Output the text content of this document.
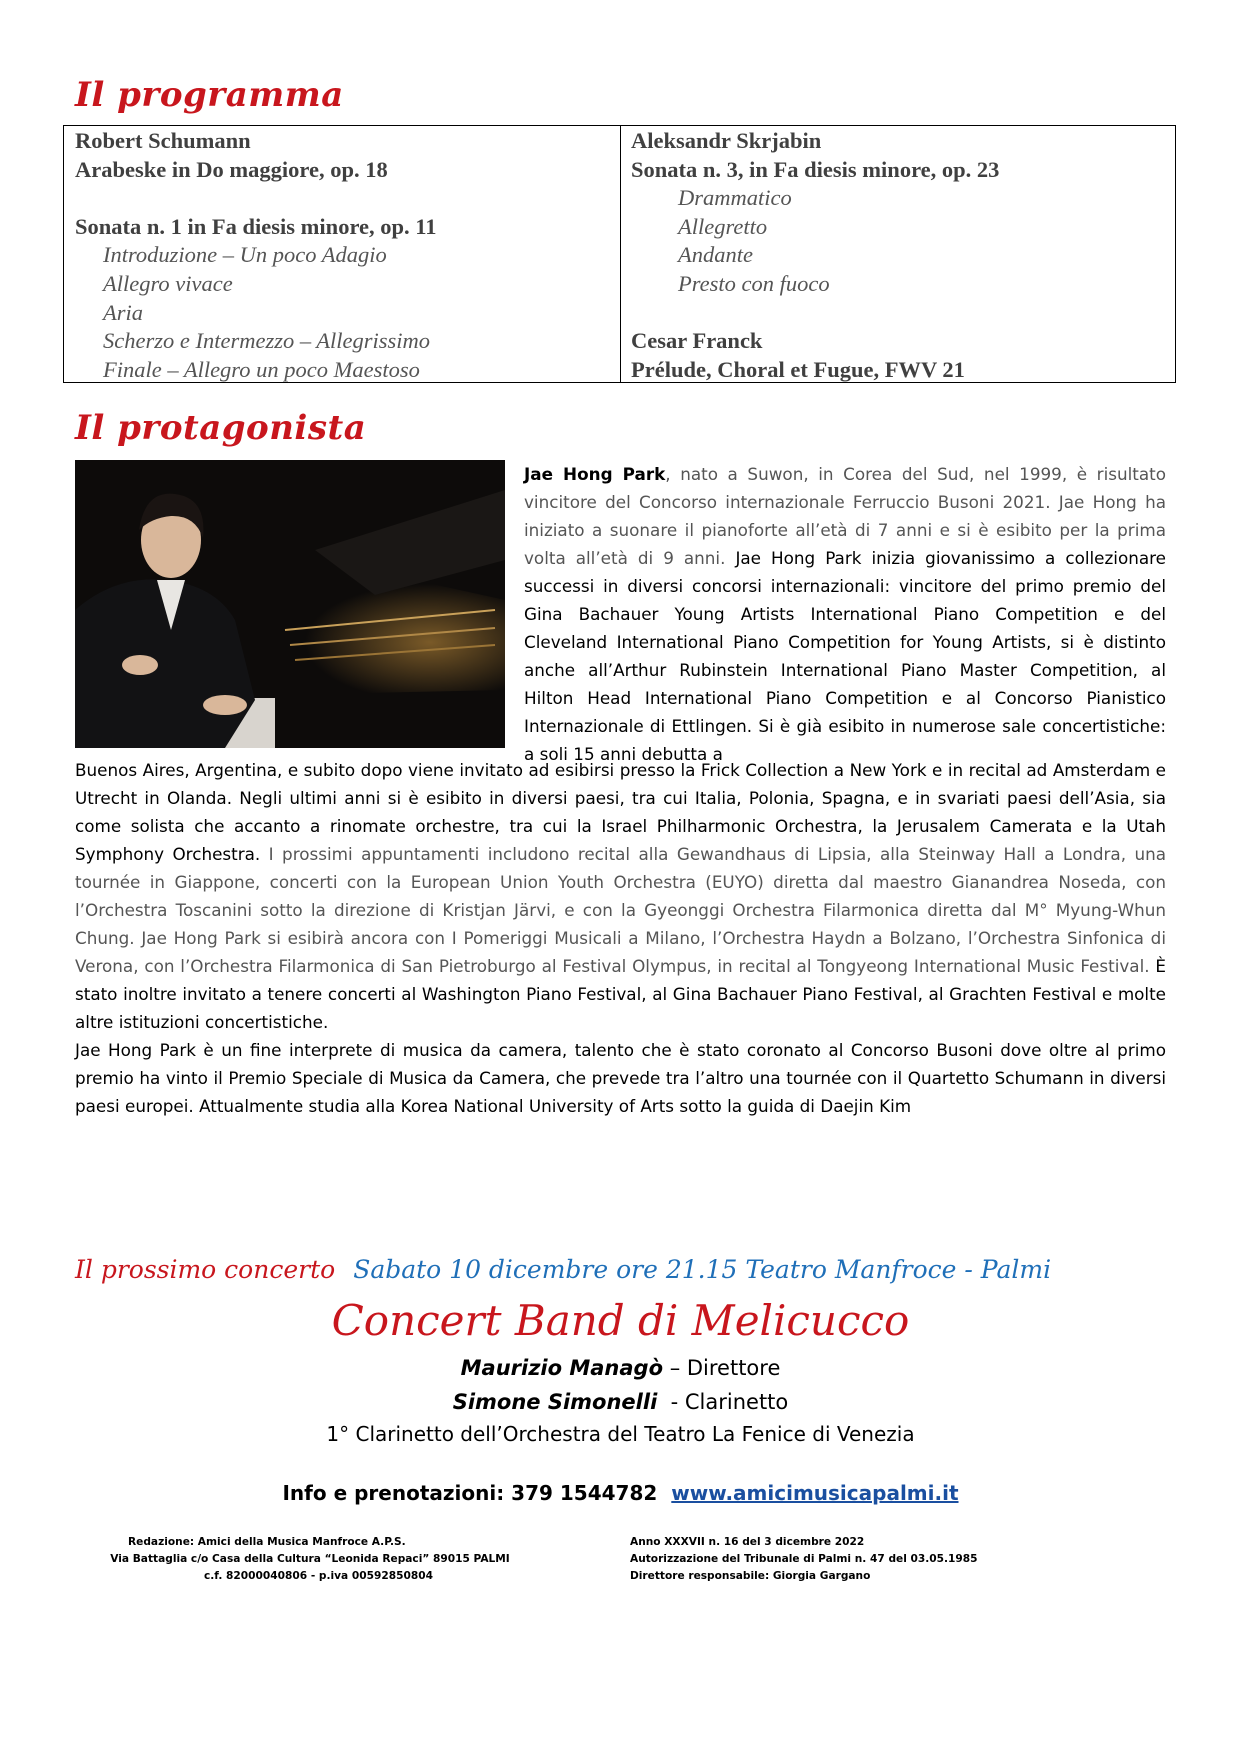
Il programma
Robert Schumann
Arabeske in Do maggiore, op. 18
Sonata n. 1 in Fa diesis minore, op. 11
Introduzione – Un poco Adagio
Allegro vivace
Aria
Scherzo e Intermezzo – Allegrissimo
Finale – Allegro un poco Maestoso
Aleksandr Skrjabin
Sonata n. 3, in Fa diesis minore, op. 23
Drammatico
Allegretto
Andante
Presto con fuoco
Cesar Franck
Prélude, Choral et Fugue, FWV 21
Il protagonista

Jae Hong Park, nato a Suwon, in Corea del Sud, nel 1999, è risultato vincitore del Concorso internazionale Ferruccio Busoni 2021. Jae Hong ha iniziato a suonare il pianoforte all’età di 7 anni e si è esibito per la prima volta all’età di 9 anni. Jae Hong Park inizia giovanissimo a collezionare successi in diversi concorsi internazionali: vincitore del primo premio del Gina Bachauer Young Artists International Piano Competition e del Cleveland International Piano Competition for Young Artists, si è distinto anche all’Arthur Rubinstein International Piano Master Competition, al Hilton Head International Piano Competition e al Concorso Pianistico Internazionale di Ettlingen. Si è già esibito in numerose sale concertistiche: a soli 15 anni debutta a

Buenos Aires, Argentina, e subito dopo viene invitato ad esibirsi presso la Frick Collection a New York e in recital ad Amsterdam e Utrecht in Olanda. Negli ultimi anni si è esibito in diversi paesi, tra cui Italia, Polonia, Spagna, e in svariati paesi dell’Asia, sia come solista che accanto a rinomate orchestre, tra cui la Israel Philharmonic Orchestra, la Jerusalem Camerata e la Utah Symphony Orchestra. I prossimi appuntamenti includono recital alla Gewandhaus di Lipsia, alla Steinway Hall a Londra, una tournée in Giappone, concerti con la European Union Youth Orchestra (EUYO) diretta dal maestro Gianandrea Noseda, con l’Orchestra Toscanini sotto la direzione di Kristjan Järvi, e con la Gyeonggi Orchestra Filarmonica diretta dal M° Myung-Whun Chung. Jae Hong Park si esibirà ancora con I Pomeriggi Musicali a Milano, l’Orchestra Haydn a Bolzano, l’Orchestra Sinfonica di Verona, con l’Orchestra Filarmonica di San Pietroburgo al Festival Olympus, in recital al Tongyeong International Music Festival. È stato inoltre invitato a tenere concerti al Washington Piano Festival, al Gina Bachauer Piano Festival, al Grachten Festival e molte altre istituzioni concertistiche.

Jae Hong Park è un fine interprete di musica da camera, talento che è stato coronato al Concorso Busoni dove oltre al primo premio ha vinto il Premio Speciale di Musica da Camera, che prevede tra l’altro una tournée con il Quartetto Schumann in diversi paesi europei. Attualmente studia alla Korea National University of Arts sotto la guida di Daejin Kim

Il prossimo concerto Sabato 10 dicembre ore 21.15 Teatro Manfroce - Palmi
Concert Band di Melicucco
Maurizio Managò – Direttore
Simone Simonelli  - Clarinetto
1° Clarinetto dell’Orchestra del Teatro La Fenice di Venezia
Info e prenotazioni: 379 1544782 www.amicimusicapalmi.it
Redazione: Amici della Musica Manfroce A.P.S.
Via Battaglia c/o Casa della Cultura “Leonida Repaci” 89015 PALMI
c.f. 82000040806 - p.iva 00592850804
Anno XXXVII n. 16 del 3 dicembre 2022
Autorizzazione del Tribunale di Palmi n. 47 del 03.05.1985
Direttore responsabile: Giorgia Gargano
